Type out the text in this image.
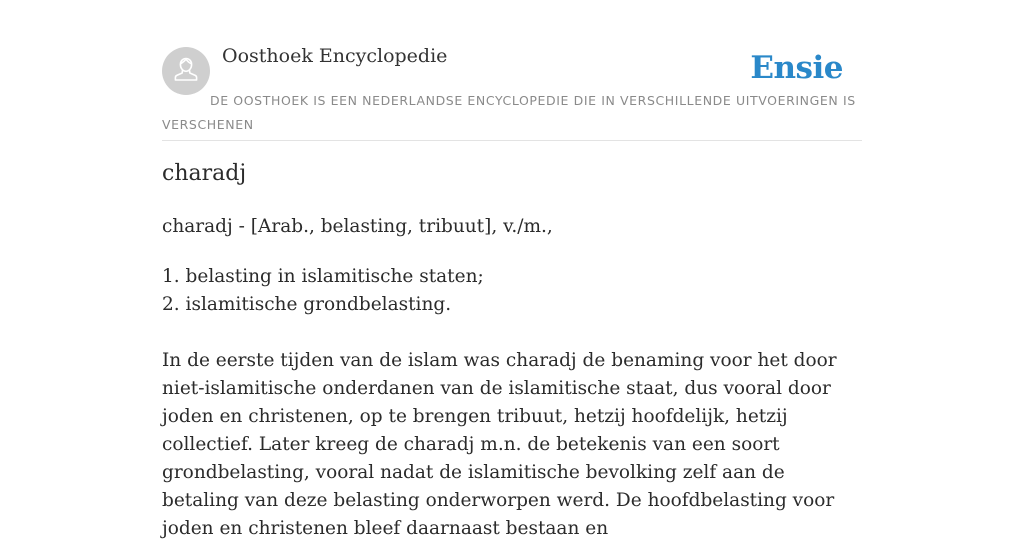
Oosthoek Encyclopedie	Ensie
DE OOSTHOEK IS EEN NEDERLANDSE ENCYCLOPEDIE DIE IN VERSCHILLENDE UITVOERINGEN IS VERSCHENEN
charadj
charadj - [Arab., belasting, tribuut], v./m.,
1. belasting in islamitische staten;
2. islamitische grondbelasting.

In de eerste tijden van de islam was charadj de benaming voor het door niet-islamitische onderdanen van de islamitische staat, dus vooral door joden en christenen, op te brengen tribuut, hetzij hoofdelijk, hetzij collectief. Later kreeg de charadj m.n. de betekenis van een soort grondbelasting, vooral nadat de islamitische bevolking zelf aan de betaling van deze belasting onderworpen werd. De hoofdbelasting voor joden en christenen bleef daarnaast bestaan en
